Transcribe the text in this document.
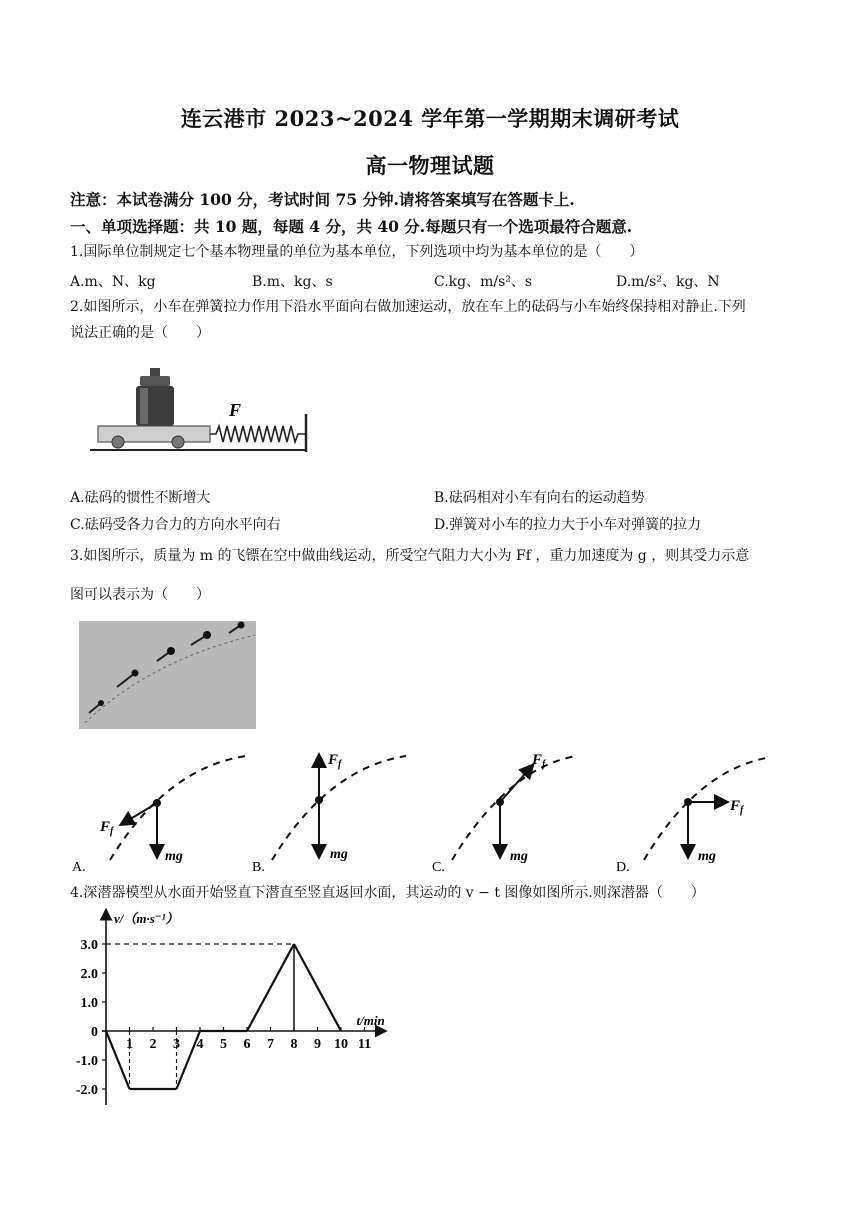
连云港市 2023~2024 学年第一学期期末调研考试
高一物理试题
注意：本试卷满分 100 分，考试时间 75 分钟.请将答案填写在答题卡上.
一、单项选择题：共 10 题，每题 4 分，共 40 分.每题只有一个选项最符合题意.
1.国际单位制规定七个基本物理量的单位为基本单位，下列选项中均为基本单位的是（　　）
A.m、N、kg	B.m、kg、s	C.kg、m/s²、s	D.m/s²、kg、N
2.如图所示，小车在弹簧拉力作用下沿水平面向右做加速运动，放在车上的砝码与小车始终保持相对静止.下列
说法正确的是（　　）
F
A.砝码的惯性不断增大	B.砝码相对小车有向右的运动趋势
C.砝码受各力合力的方向水平向右	D.弹簧对小车的拉力大于小车对弹簧的拉力
3.如图所示，质量为 m 的飞镖在空中做曲线运动，所受空气阻力大小为 Ff ，重力加速度为 g ，则其受力示意
图可以表示为（　　）
$F_f$
mg
A.
$F_f$
mg
B.
$F_f$
mg
C.
$F_f$
mg
D.
4.深潜器模型从水面开始竖直下潜直至竖直返回水面，其运动的 v − t 图像如图所示.则深潜器（　　）
3.0
2.0
1.0
0
-1.0
-2.0
1 2 3 4 5 6 7 8 9 10 11
v/（m·s⁻¹）
t/min
